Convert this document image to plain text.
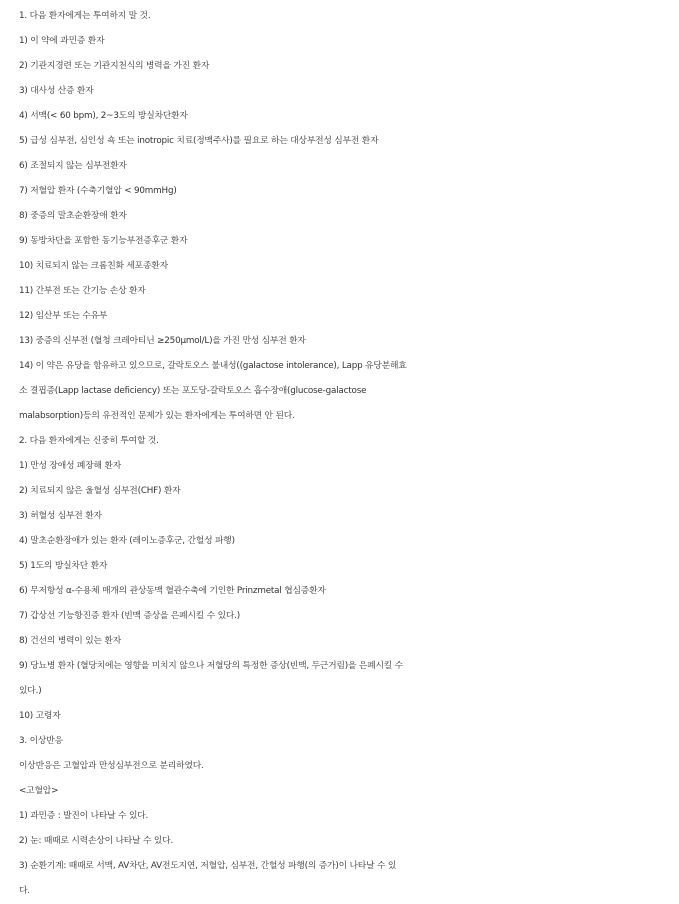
1. 다음 환자에게는 투여하지 말 것.
1) 이 약에 과민증 환자
2) 기관지경련 또는 기관지천식의 병력을 가진 환자
3) 대사성 산증 환자
4) 서맥(< 60 bpm), 2~3도의 방실차단환자
5) 급성 심부전, 심인성 쇽 또는 inotropic 치료(정맥주사)를 필요로 하는 대상부전성 심부전 환자
6) 조절되지 않는 심부전환자
7) 저혈압 환자 (수축기혈압 < 90mmHg)
8) 중증의 말초순환장애 환자
9) 동방차단을 포함한 동기능부전증후군 환자
10) 치료되지 않는 크롬친화 세포종환자
11) 간부전 또는 간기능 손상 환자
12) 임산부 또는 수유부
13) 중증의 신부전 (혈청 크레아티닌 ≥250μmol/L)을 가진 만성 심부전 환자
14) 이 약은 유당을 함유하고 있으므로, 갈락토오스 불내성((galactose intolerance), Lapp 유당분해효
소 결핍증(Lapp lactase deficiency) 또는 포도당-갈락토오스 흡수장애(glucose-galactose
malabsorption)등의 유전적인 문제가 있는 환자에게는 투여하면 안 된다.
2. 다음 환자에게는 신중히 투여할 것.
1) 만성 장애성 폐장해 환자
2) 치료되지 않은 울혈성 심부전(CHF) 환자
3) 허혈성 심부전 환자
4) 말초순환장애가 있는 환자 (레이노증후군, 간헐성 파행)
5) 1도의 방실차단 환자
6) 무저항성 α-수용체 매개의 관상동맥 혈관수축에 기인한 Prinzmetal 협심증환자
7) 갑상선 기능항진증 환자 (빈맥 증상을 은폐시킬 수 있다.)
8) 건선의 병력이 있는 환자
9) 당뇨병 환자 (혈당치에는 영향을 미치지 않으나 저혈당의 특정한 증상(빈맥, 두근거림)을 은폐시킬 수
있다.)
10) 고령자
3. 이상반응
이상반응은 고혈압과 만성심부전으로 분리하였다.
<고혈압>
1) 과민증 : 발진이 나타날 수 있다.
2) 눈: 때때로 시력손상이 나타날 수 있다.
3) 순환기계: 때때로 서맥, AV차단, AV전도지연, 저혈압, 심부전, 간헐성 파행(의 증가)이 나타날 수 있
다.
